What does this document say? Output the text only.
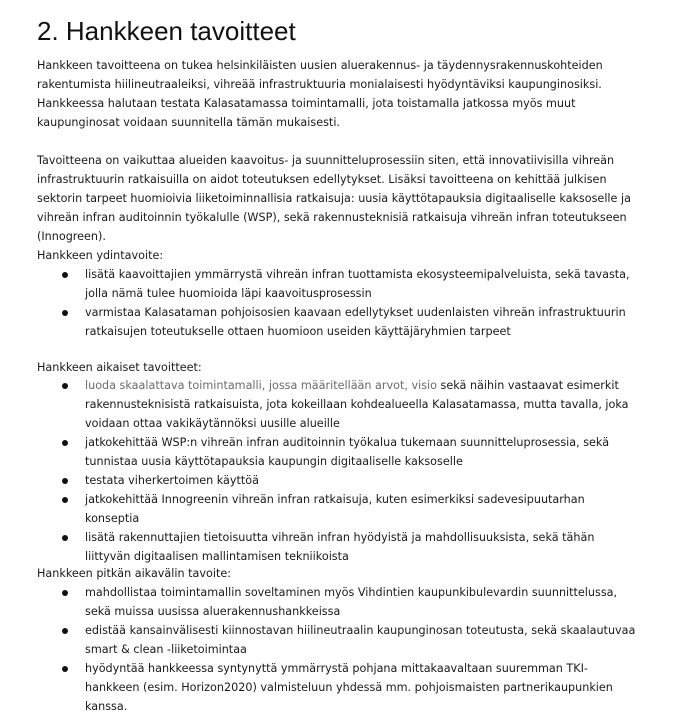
2. Hankkeen tavoitteet

Hankkeen tavoitteena on tukea helsinkiläisten uusien aluerakennus- ja täydennysrakennuskohteiden rakentumista hiilineutraaleiksi, vihreää infrastruktuuria monialaisesti hyödyntäviksi kaupunginosiksi. Hankkeessa halutaan testata Kalasatamassa toimintamalli, jota toistamalla jatkossa myös muut kaupunginosat voidaan suunnitella tämän mukaisesti.

Tavoitteena on vaikuttaa alueiden kaavoitus- ja suunnitteluprosessiin siten, että innovatiivisilla vihreän infrastruktuurin ratkaisuilla on aidot toteutuksen edellytykset. Lisäksi tavoitteena on kehittää julkisen sektorin tarpeet huomioivia liiketoiminnallisia ratkaisuja: uusia käyttötapauksia digitaaliselle kaksoselle ja vihreän infran auditoinnin työkalulle (WSP), sekä rakennusteknisiä ratkaisuja vihreän infran toteutukseen (Innogreen).

Hankkeen ydintavoite:

lisätä kaavoittajien ymmärrystä vihreän infran tuottamista ekosysteemipalveluista, sekä tavasta, jolla nämä tulee huomioida läpi kaavoitusprosessin
varmistaa Kalasataman pohjoisosien kaavaan edellytykset uudenlaisten vihreän infrastruktuurin ratkaisujen toteutukselle ottaen huomioon useiden käyttäjäryhmien tarpeet

Hankkeen aikaiset tavoitteet:

luoda skaalattava toimintamalli, jossa määritellään arvot, visio sekä näihin vastaavat esimerkit rakennusteknisistä ratkaisuista, jota kokeillaan kohdealueella Kalasatamassa, mutta tavalla, joka voidaan ottaa vakikäytännöksi uusille alueille
jatkokehittää WSP:n vihreän infran auditoinnin työkalua tukemaan suunnitteluprosessia, sekä tunnistaa uusia käyttötapauksia kaupungin digitaaliselle kaksoselle
testata viherkertoimen käyttöä
jatkokehittää Innogreenin vihreän infran ratkaisuja, kuten esimerkiksi sadevesipuutarhan konseptia
lisätä rakennuttajien tietoisuutta vihreän infran hyödyistä ja mahdollisuuksista, sekä tähän liittyvän digitaalisen mallintamisen tekniikoista

Hankkeen pitkän aikavälin tavoite:

mahdollistaa toimintamallin soveltaminen myös Vihdintien kaupunkibulevardin suunnittelussa, sekä muissa uusissa aluerakennushankkeissa
edistää kansainvälisesti kiinnostavan hiilineutraalin kaupunginosan toteutusta, sekä skaalautuvaa smart & clean -liiketoimintaa
hyödyntää hankkeessa syntynyttä ymmärrystä pohjana mittakaavaltaan suuremman TKI-hankkeen (esim. Horizon2020) valmisteluun yhdessä mm. pohjoismaisten partnerikaupunkien kanssa.
